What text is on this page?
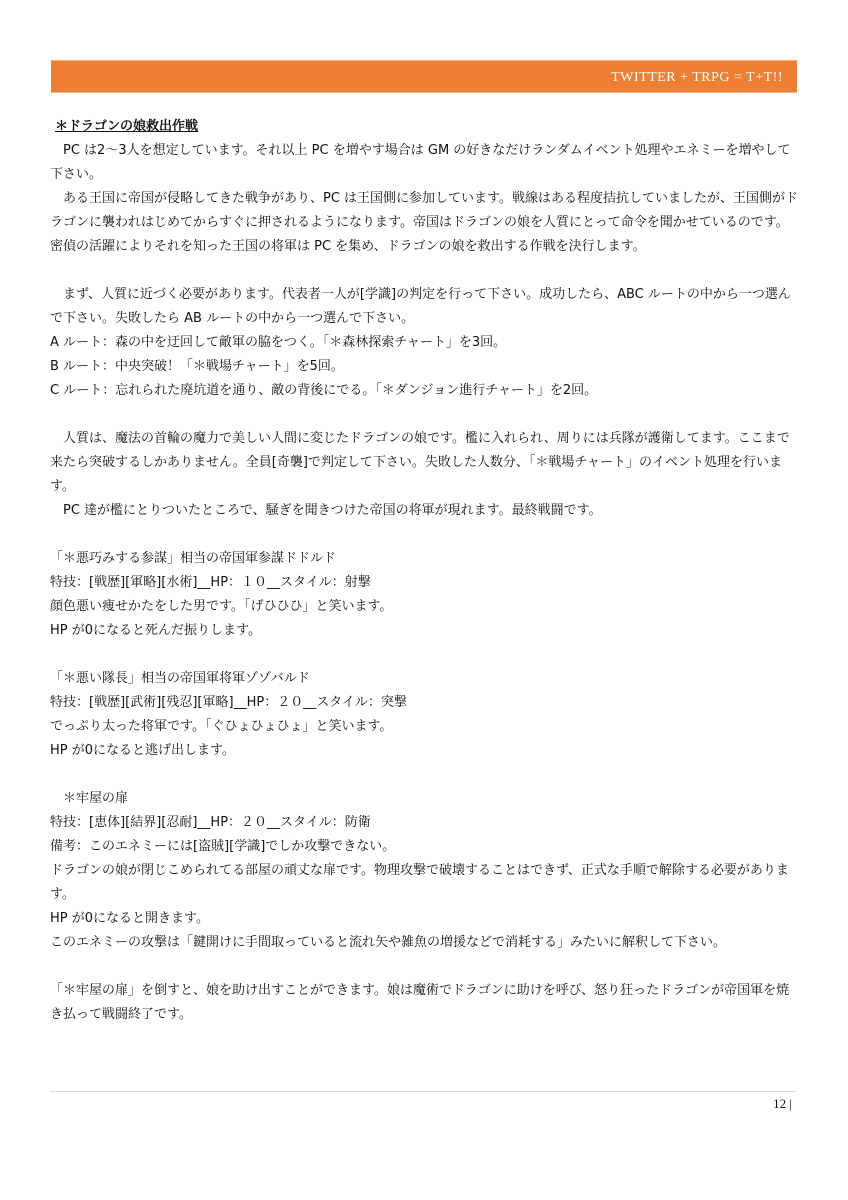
TWITTER + TRPG = T+T!!

＊ドラゴンの娘救出作戦

PC は2～3人を想定しています。それ以上 PC を増やす場合は GM の好きなだけランダムイベント処理やエネミーを増やして下さい。

ある王国に帝国が侵略してきた戦争があり、PC は王国側に参加しています。戦線はある程度拮抗していましたが、王国側がドラゴンに襲われはじめてからすぐに押されるようになります。帝国はドラゴンの娘を人質にとって命令を聞かせているのです。 密偵の活躍によりそれを知った王国の将軍は PC を集め、ドラゴンの娘を救出する作戦を決行します。

まず、人質に近づく必要があります。代表者一人が[学識]の判定を行って下さい。成功したら、ABC ルートの中から一つ選んで下さい。失敗したら AB ルートの中から一つ選んで下さい。

A ルート：森の中を迂回して敵軍の脇をつく。「＊森林探索チャート」を3回。

B ルート：中央突破！「＊戦場チャート」を5回。

C ルート：忘れられた廃坑道を通り、敵の背後にでる。「＊ダンジョン進行チャート」を2回。

人質は、魔法の首輪の魔力で美しい人間に変じたドラゴンの娘です。檻に入れられ、周りには兵隊が護衛してます。ここまで来たら突破するしかありません。全員[奇襲]で判定して下さい。失敗した人数分、「＊戦場チャート」のイベント処理を行います。

PC 達が檻にとりついたところで、騒ぎを聞きつけた帝国の将軍が現れます。最終戦闘です。

「＊悪巧みする参謀」相当の帝国軍参謀ドドルド

特技：[戦歴][軍略][水術]__HP：１０__スタイル：射撃

顔色悪い痩せかたをした男です。「げひひひ」と笑います。

HP が0になると死んだ振りします。

「＊悪い隊長」相当の帝国軍将軍ゾゾバルド

特技：[戦歴][武術][残忍][軍略]__HP：２０__スタイル：突撃

でっぷり太った将軍です。「ぐひょひょひょ」と笑います。

HP が0になると逃げ出します。

＊牢屋の扉

特技：[恵体][結界][忍耐]__HP：２０__スタイル：防衛

備考：このエネミーには[盗賊][学識]でしか攻撃できない。

ドラゴンの娘が閉じこめられてる部屋の頑丈な扉です。物理攻撃で破壊することはできず、正式な手順で解除する必要があります。

HP が0になると開きます。

このエネミーの攻撃は「鍵開けに手間取っていると流れ矢や雑魚の増援などで消耗する」みたいに解釈して下さい。

「＊牢屋の扉」を倒すと、娘を助け出すことができます。娘は魔術でドラゴンに助けを呼び、怒り狂ったドラゴンが帝国軍を焼き払って戦闘終了です。

12 |
